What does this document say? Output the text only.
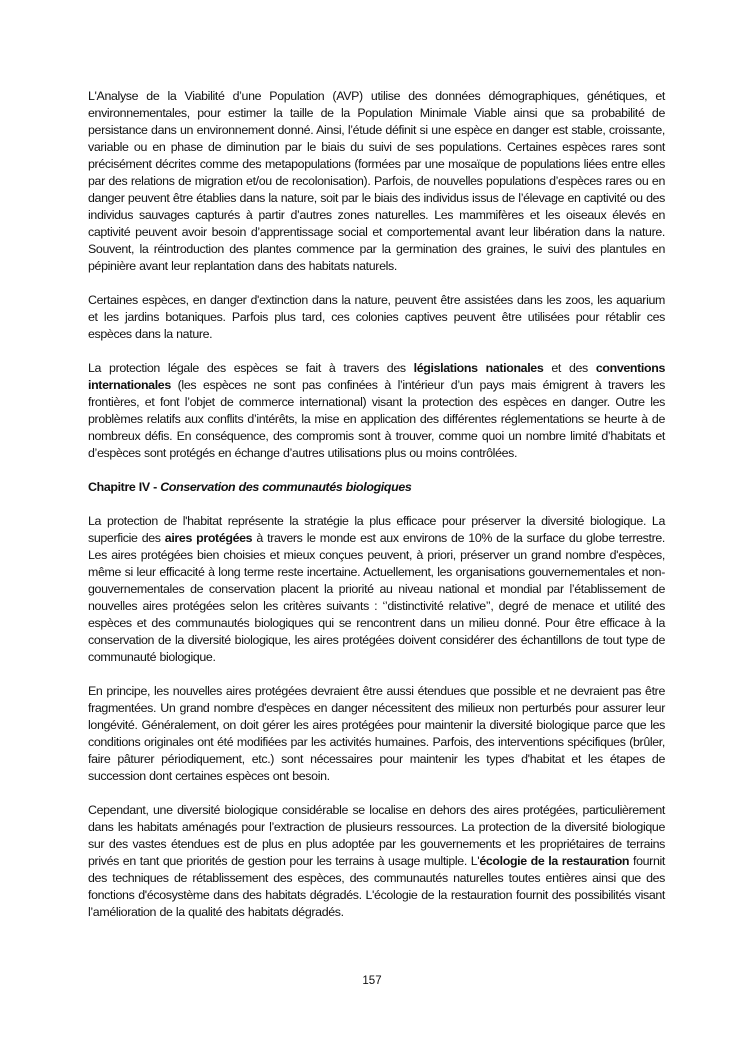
L'Analyse de la Viabilité d’une Population (AVP) utilise des données démographiques, génétiques, et environnementales, pour estimer la taille de la Population Minimale Viable ainsi que sa probabilité de persistance dans un environnement donné. Ainsi, l’étude définit si une espèce en danger est stable, croissante, variable ou en phase de diminution par le biais du suivi de ses populations. Certaines espèces rares sont précisément décrites comme des metapopulations (formées par une mosaïque de populations liées entre elles par des relations de migration et/ou de recolonisation). Parfois, de nouvelles populations d’espèces rares ou en danger peuvent être établies dans la nature, soit par le biais des individus issus de l’élevage en captivité ou des individus sauvages capturés à partir d’autres zones naturelles. Les mammifères et les oiseaux élevés en captivité peuvent avoir besoin d’apprentissage social et comportemental avant leur libération dans la nature. Souvent, la réintroduction des plantes commence par la germination des graines, le suivi des plantules en pépinière avant leur replantation dans des habitats naturels.

Certaines espèces, en danger d'extinction dans la nature, peuvent être assistées dans les zoos, les aquarium et les jardins botaniques. Parfois plus tard, ces colonies captives peuvent être utilisées pour rétablir ces espèces dans la nature.

La protection légale des espèces se fait à travers des législations nationales et des conventions internationales (les espèces ne sont pas confinées à l’intérieur d’un pays mais émigrent à travers les frontières, et font l’objet de commerce international) visant la protection des espèces en danger. Outre les problèmes relatifs aux conflits d’intérêts, la mise en application des différentes réglementations se heurte à de nombreux défis. En conséquence, des compromis sont à trouver, comme quoi un nombre limité d’habitats et d’espèces sont protégés en échange d’autres utilisations plus ou moins contrôlées.

Chapitre IV - Conservation des communautés biologiques

La protection de l'habitat représente la stratégie la plus efficace pour préserver la diversité biologique. La superficie des aires protégées à travers le monde est aux environs de 10% de la surface du globe terrestre. Les aires protégées bien choisies et mieux conçues peuvent, à priori, préserver un grand nombre d'espèces, même si leur efficacité à long terme reste incertaine. Actuellement, les organisations gouvernementales et non-gouvernementales de conservation placent la priorité au niveau national et mondial par l’établissement de nouvelles aires protégées selon les critères suivants : ‘’distinctivité relative’’, degré de menace et utilité des espèces et des communautés biologiques qui se rencontrent dans un milieu donné. Pour être efficace à la conservation de la diversité biologique, les aires protégées doivent considérer des échantillons de tout type de communauté biologique.

En principe, les nouvelles aires protégées devraient être aussi étendues que possible et ne devraient pas être fragmentées. Un grand nombre d'espèces en danger nécessitent des milieux non perturbés pour assurer leur longévité. Généralement, on doit gérer les aires protégées pour maintenir la diversité biologique parce que les conditions originales ont été modifiées par les activités humaines. Parfois, des interventions spécifiques (brûler, faire pâturer périodiquement, etc.) sont nécessaires pour maintenir les types d'habitat et les étapes de succession dont certaines espèces ont besoin.

Cependant, une diversité biologique considérable se localise en dehors des aires protégées, particulièrement dans les habitats aménagés pour l’extraction de plusieurs ressources. La protection de la diversité biologique sur des vastes étendues est de plus en plus adoptée par les gouvernements et les propriétaires de terrains privés en tant que priorités de gestion pour les terrains à usage multiple. L'écologie de la restauration fournit des techniques de rétablissement des espèces, des communautés naturelles toutes entières ainsi que des fonctions d'écosystème dans des habitats dégradés. L'écologie de la restauration fournit des possibilités visant l’amélioration de la qualité des habitats dégradés.

157
